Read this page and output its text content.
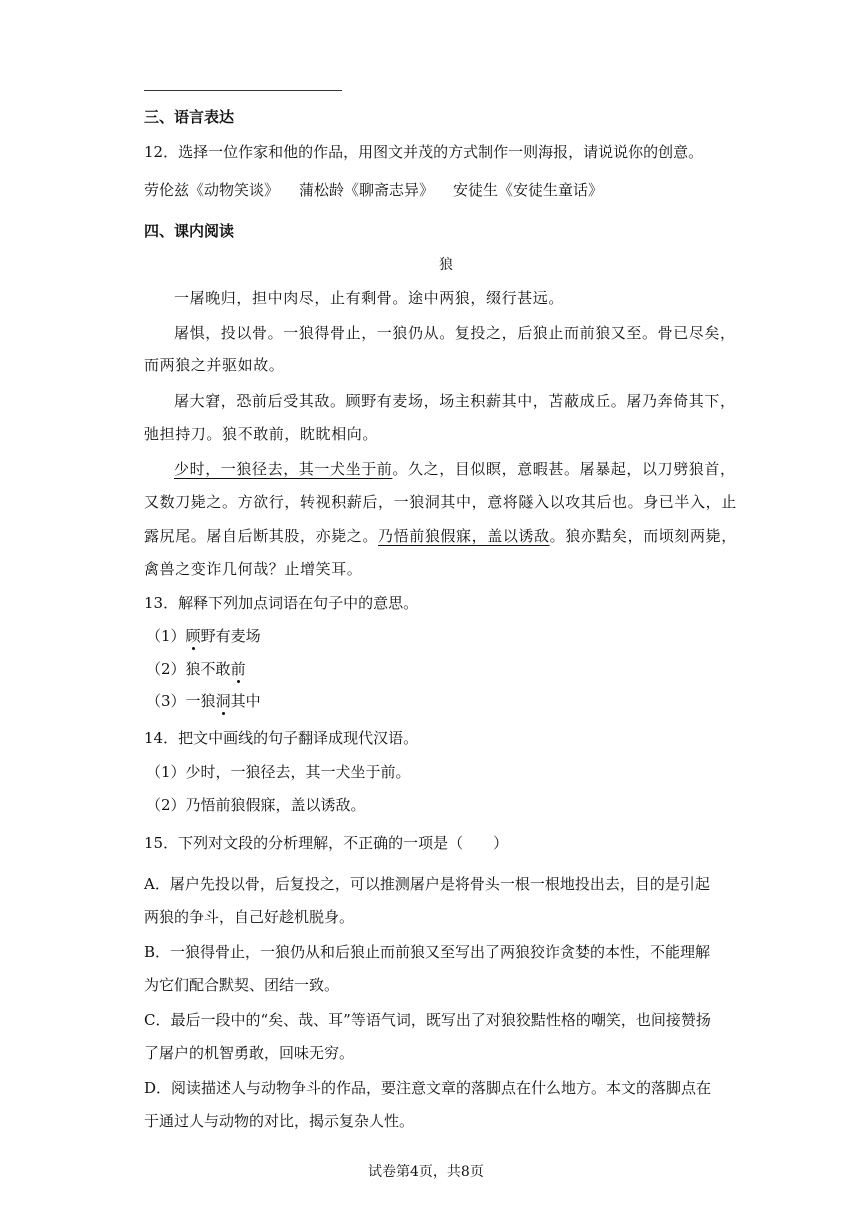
三、语言表达
12．选择一位作家和他的作品，用图文并茂的方式制作一则海报，请说说你的创意。
劳伦兹《动物笑谈》 蒲松龄《聊斋志异》 安徒生《安徒生童话》
四、课内阅读
狼
一屠晚归，担中肉尽，止有剩骨。途中两狼，缀行甚远。
屠惧，投以骨。一狼得骨止，一狼仍从。复投之，后狼止而前狼又至。骨已尽矣，
而两狼之并驱如故。
屠大窘，恐前后受其敌。顾野有麦场，场主积薪其中，苫蔽成丘。屠乃奔倚其下，
弛担持刀。狼不敢前，眈眈相向。
少时，一狼径去，其一犬坐于前。久之，目似瞑，意暇甚。屠暴起，以刀劈狼首，
又数刀毙之。方欲行，转视积薪后，一狼洞其中，意将隧入以攻其后也。身已半入，止
露尻尾。屠自后断其股，亦毙之。乃悟前狼假寐，盖以诱敌。狼亦黠矣，而顷刻两毙，
禽兽之变诈几何哉？止增笑耳。
13．解释下列加点词语在句子中的意思。
（1）顾野有麦场
（2）狼不敢前
（3）一狼洞其中
14．把文中画线的句子翻译成现代汉语。
（1）少时，一狼径去，其一犬坐于前。
（2）乃悟前狼假寐，盖以诱敌。
15．下列对文段的分析理解，不正确的一项是（　　）
A．屠户先投以骨，后复投之，可以推测屠户是将骨头一根一根地投出去，目的是引起
两狼的争斗，自己好趁机脱身。
B．一狼得骨止，一狼仍从和后狼止而前狼又至写出了两狼狡诈贪婪的本性，不能理解
为它们配合默契、团结一致。
C．最后一段中的“矣、哉、耳”等语气词，既写出了对狼狡黠性格的嘲笑，也间接赞扬
了屠户的机智勇敢，回味无穷。
D．阅读描述人与动物争斗的作品，要注意文章的落脚点在什么地方。本文的落脚点在
于通过人与动物的对比，揭示复杂人性。
试卷第4页，共8页
